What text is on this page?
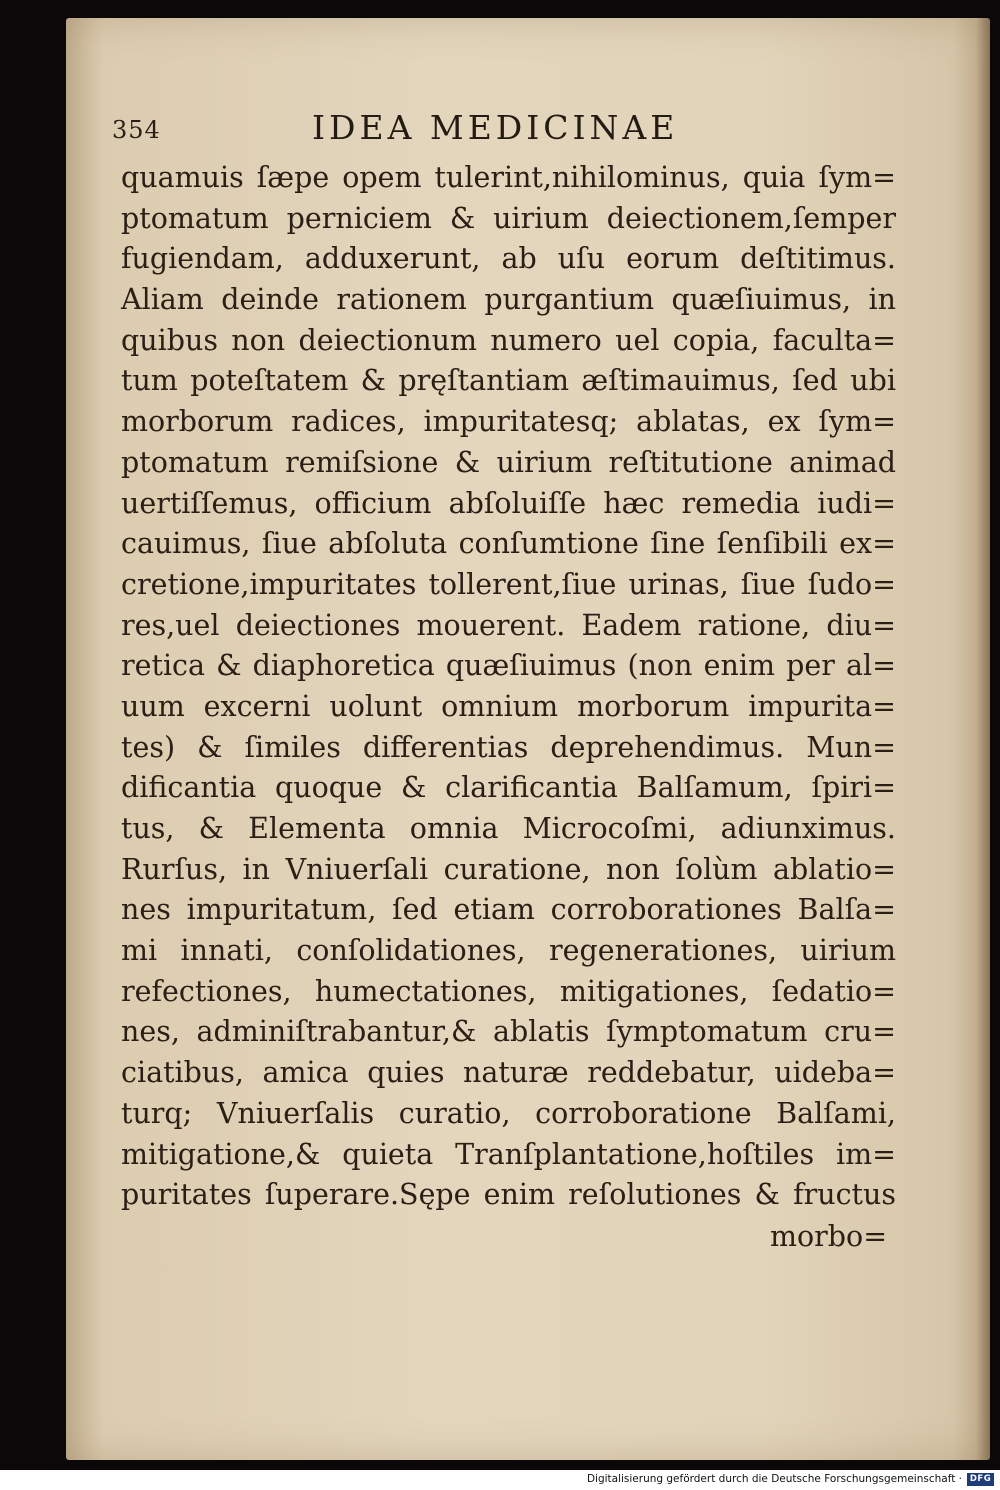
354	IDEA MEDICINAE
quamuis ſæpe opem tulerint,nihilominus, quia ſym=
ptomatum perniciem & uirium deiectionem,ſemper
fugiendam, adduxerunt, ab uſu eorum deſtitimus.
Aliam deinde rationem purgantium quæſiuimus, in
quibus non deiectionum numero uel copia, faculta=
tum poteſtatem & pręſtantiam æſtimauimus, ſed ubi
morborum radices, impuritatesq; ablatas, ex ſym=
ptomatum remiſsione & uirium reſtitutione animad
uertiſſemus, officium abſoluiſſe hæc remedia iudi=
cauimus, ſiue abſoluta conſumtione ſine ſenſibili ex=
cretione,impuritates tollerent,ſiue urinas, ſiue ſudo=
res,uel deiectiones mouerent. Eadem ratione, diu=
retica & diaphoretica quæſiuimus (non enim per al=
uum excerni uolunt omnium morborum impurita=
tes) & ſimiles differentias deprehendimus. Mun=
dificantia quoque & clarificantia Balſamum, ſpiri=
tus, & Elementa omnia Microcoſmi, adiunximus.
Rurſus, in Vniuerſali curatione, non ſolùm ablatio=
nes impuritatum, ſed etiam corroborationes Balſa=
mi innati, conſolidationes, regenerationes, uirium
refectiones, humectationes, mitigationes, ſedatio=
nes, adminiſtrabantur,& ablatis ſymptomatum cru=
ciatibus, amica quies naturæ reddebatur, uideba=
turq; Vniuerſalis curatio, corroboratione Balſami,
mitigatione,& quieta Tranſplantatione,hoſtiles im=
puritates ſuperare.Sępe enim reſolutiones & fructus
morbo=
Digitalisierung gefördert durch die Deutsche Forschungsgemeinschaft · DFG
